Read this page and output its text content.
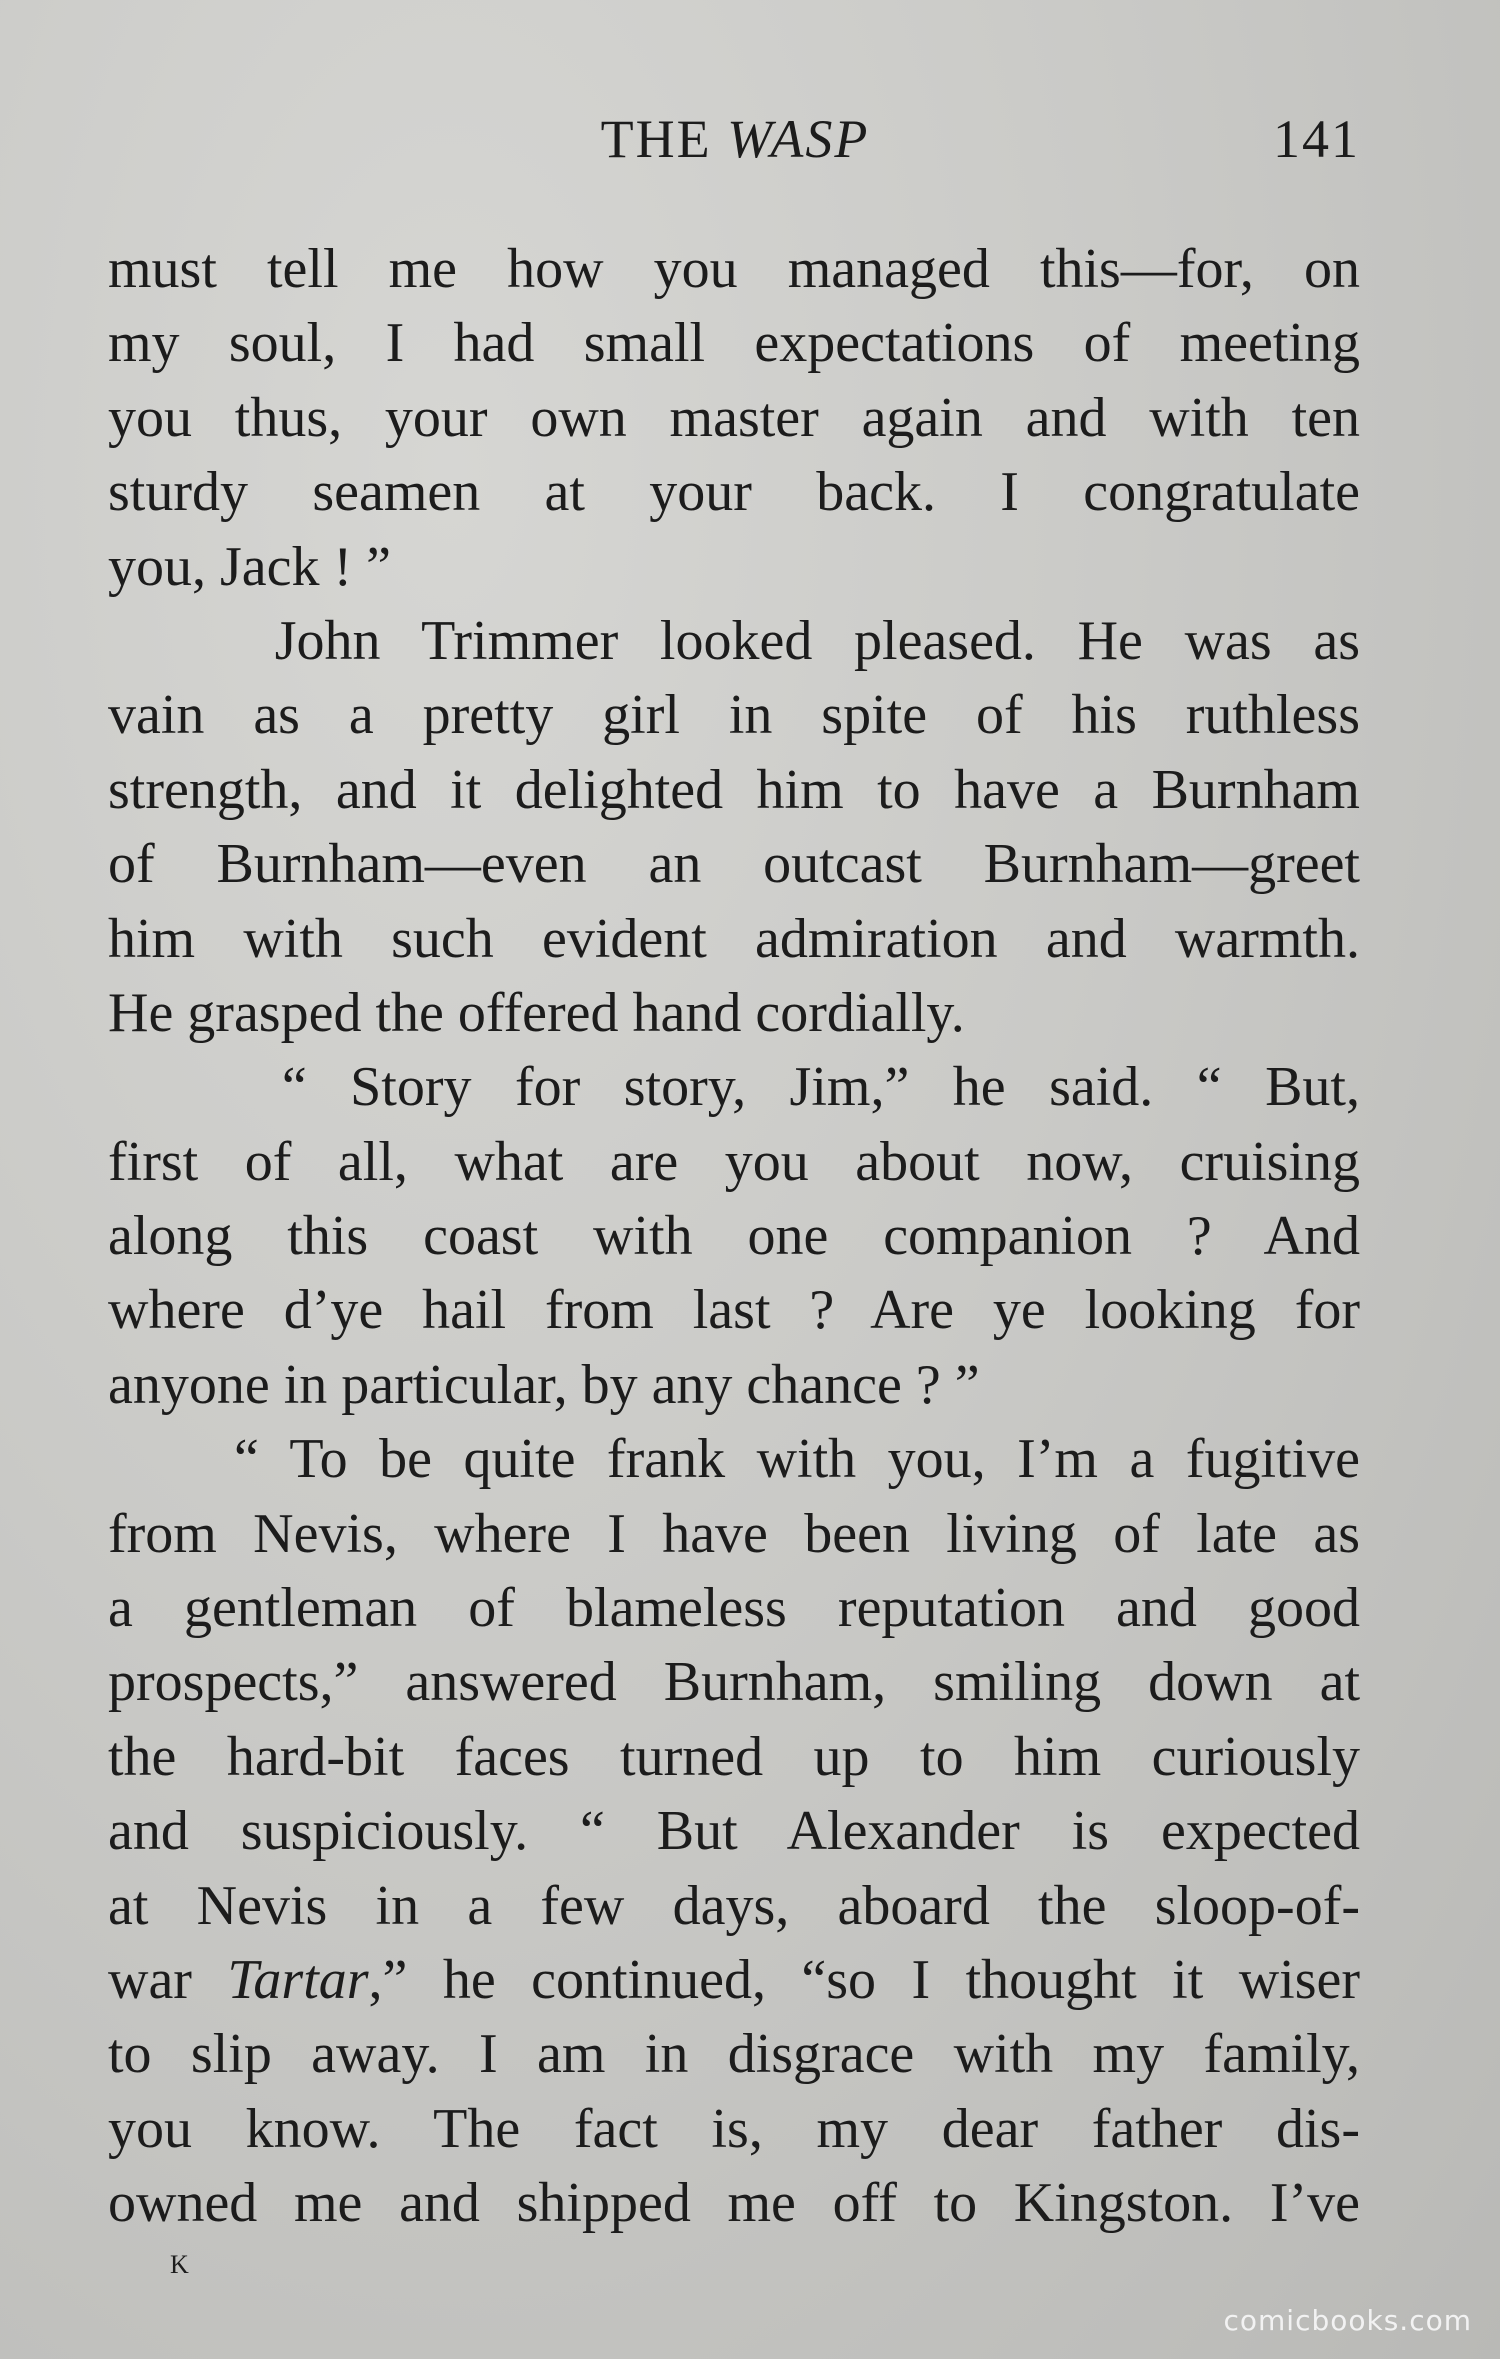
THE WASP	141
must tell me how you managed this—for, on
my soul, I had small expectations of meeting
you thus, your own master again and with ten
sturdy seamen at your back. I congratulate
you, Jack ! ”
John Trimmer looked pleased. He was as
vain as a pretty girl in spite of his ruthless
strength, and it delighted him to have a Burnham
of Burnham—even an outcast Burnham—greet
him with such evident admiration and warmth.
He grasped the offered hand cordially.
“ Story for story, Jim,” he said. “ But,
first of all, what are you about now, cruising
along this coast with one companion ? And
where d’ye hail from last ? Are ye looking for
anyone in particular, by any chance ? ”
“ To be quite frank with you, I’m a fugitive
from Nevis, where I have been living of late as
a gentleman of blameless reputation and good
prospects,” answered Burnham, smiling down at
the hard-bit faces turned up to him curiously
and suspiciously. “ But Alexander is expected
at Nevis in a few days, aboard the sloop-of-
war Tartar,” he continued, “so I thought it wiser
to slip away. I am in disgrace with my family,
you know. The fact is, my dear father dis-
owned me and shipped me off to Kingston. I’ve
K
comicbooks.com
